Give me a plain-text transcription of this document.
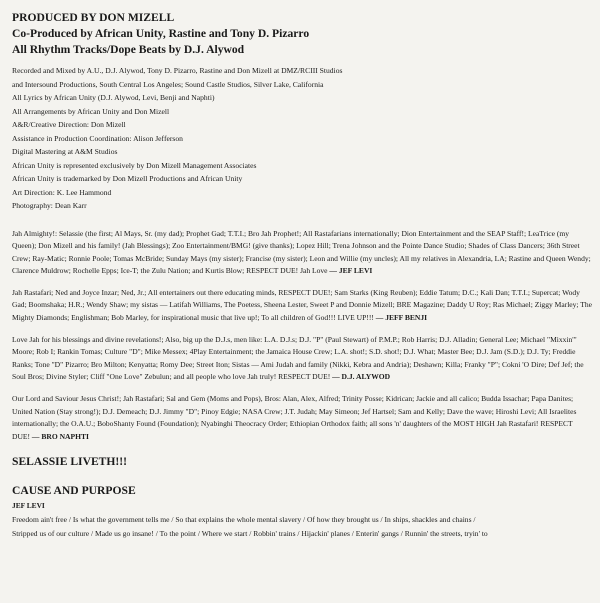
PRODUCED BY DON MIZELL
Co-Produced by African Unity, Rastine and Tony D. Pizarro
All Rhythm Tracks/Dope Beats by D.J. Alywod
Recorded and Mixed by A.U., D.J. Alywod, Tony D. Pizarro, Rastine and Don Mizell at DMZ/RCIII Studios
and Intersound Productions, South Central Los Angeles; Sound Castle Studios, Silver Lake, California
All Lyrics by African Unity (D.J. Alywod, Levi, Benji and Naphti)
All Arrangements by African Unity and Don Mizell
A&R/Creative Direction: Don Mizell
Assistance in Production Coordination: Alison Jefferson
Digital Mastering at A&M Studios
African Unity is represented exclusively by Don Mizell Management Associates
African Unity is trademarked by Don Mizell Productions and African Unity
Art Direction: K. Lee Hammond
Photography: Dean Karr
Jah Almighty!: Selassie (the first; Al Mays, Sr. (my dad); Prophet Gad; T.T.I.; Bro Jah Prophet!; All Rastafarians internationally; Dion Entertainment and the SEAP Staff!; LeaTrice (my Queen); Don Mizell and his family! (Jah Blessings); Zoo Entertainment/BMG! (give thanks); Lopez Hill; Trena Johnson and the Pointe Dance Studio; Shades of Class Dancers; 36th Street Crew; Ray-Matic; Ronnie Poole; Tomas McBride; Sunday Mays (my sister); Francise (my sister); Leon and Willie (my uncles); All my relatives in Alexandria, LA; Rastine and Queen Wendy; Clarence Muldrow; Rochelle Epps; Ice-T; the Zulu Nation; and Kurtis Blow; RESPECT DUE! Jah Love — JEF LEVI
Jah Rastafari; Ned and Joyce Inzar; Ned, Jr.; All entertainers out there educating minds, RESPECT DUE!; Sam Starks (King Reuben); Eddie Tatum; D.C.; Kali Dan; T.T.I.; Supercat; Wody Gad; Boomshaka; H.R.; Wendy Shaw; my sistas — Latifah Williams, The Poetess, Sheena Lester, Sweet P and Donnie Mizell; BRE Magazine; Daddy U Roy; Ras Michael; Ziggy Marley; The Mighty Diamonds; Englishman; Bob Marley, for inspirational music that live up!; To all children of God!!! LIVE UP!!! — JEFF BENJI
Love Jah for his blessings and divine revelations!; Also, big up the D.J.s, men like: L.A. D.J.s; D.J. "P" (Paul Stewart) of P.M.P.; Rob Harris; D.J. Alladin; General Lee; Michael "Mixxin'" Moore; Rob I; Rankin Tomas; Culture "D"; Mike Messex; 4Play Entertainment; the Jamaica House Crew; L.A. shot!; S.D. shot!; D.J. What; Master Bee; D.J. Jam (S.D.); D.J. Ty; Freddie Ranks; Tone "D" Pizarro; Bro Milton; Kenyatta; Romy Dee; Street Iton; Sistas — Ami Judah and family (Nikki, Kebra and Andria); Deshawn; Killa; Franky "P"; Cokni 'O Dire; Def Jef; the Soul Bros; Divine Styler; Cliff "One Love" Zebulun; and all people who love Jah truly! RESPECT DUE! — D.J. ALYWOD
Our Lord and Saviour Jesus Christ!; Jah Rastafari; Sal and Gem (Moms and Pops), Bros: Alan, Alex, Alfred; Trinity Posse; Kidrican; Jackie and all calico; Budda Issachar; Papa Danites; United Nation (Stay strong!); D.J. Demeach; D.J. Jimmy "D"; Pinoy Edgie; NASA Crew; J.T. Judah; May Simeon; Jef Hartsel; Sam and Kelly; Dave the wave; Hiroshi Levi; All Israelites internationally; the O.A.U.; BoboShanty Found (Foundation); Nyabinghi Theocracy Order; Ethiopian Orthodox faith; all sons 'n' daughters of the MOST HIGH Jah Rastafari! RESPECT DUE! — BRO NAPHTI
SELASSIE LIVETH!!!
CAUSE AND PURPOSE
JEF LEVI
Freedom ain't free / Is what the government tells me / So that explains the whole mental slavery / Of how they brought us / In ships, shackles and chains /
Stripped us of our culture / Made us go insane! / To the point / Where we start / Robbin' trains / Hijackin' planes / Enterin' gangs / Runnin' the streets, tryin' to
